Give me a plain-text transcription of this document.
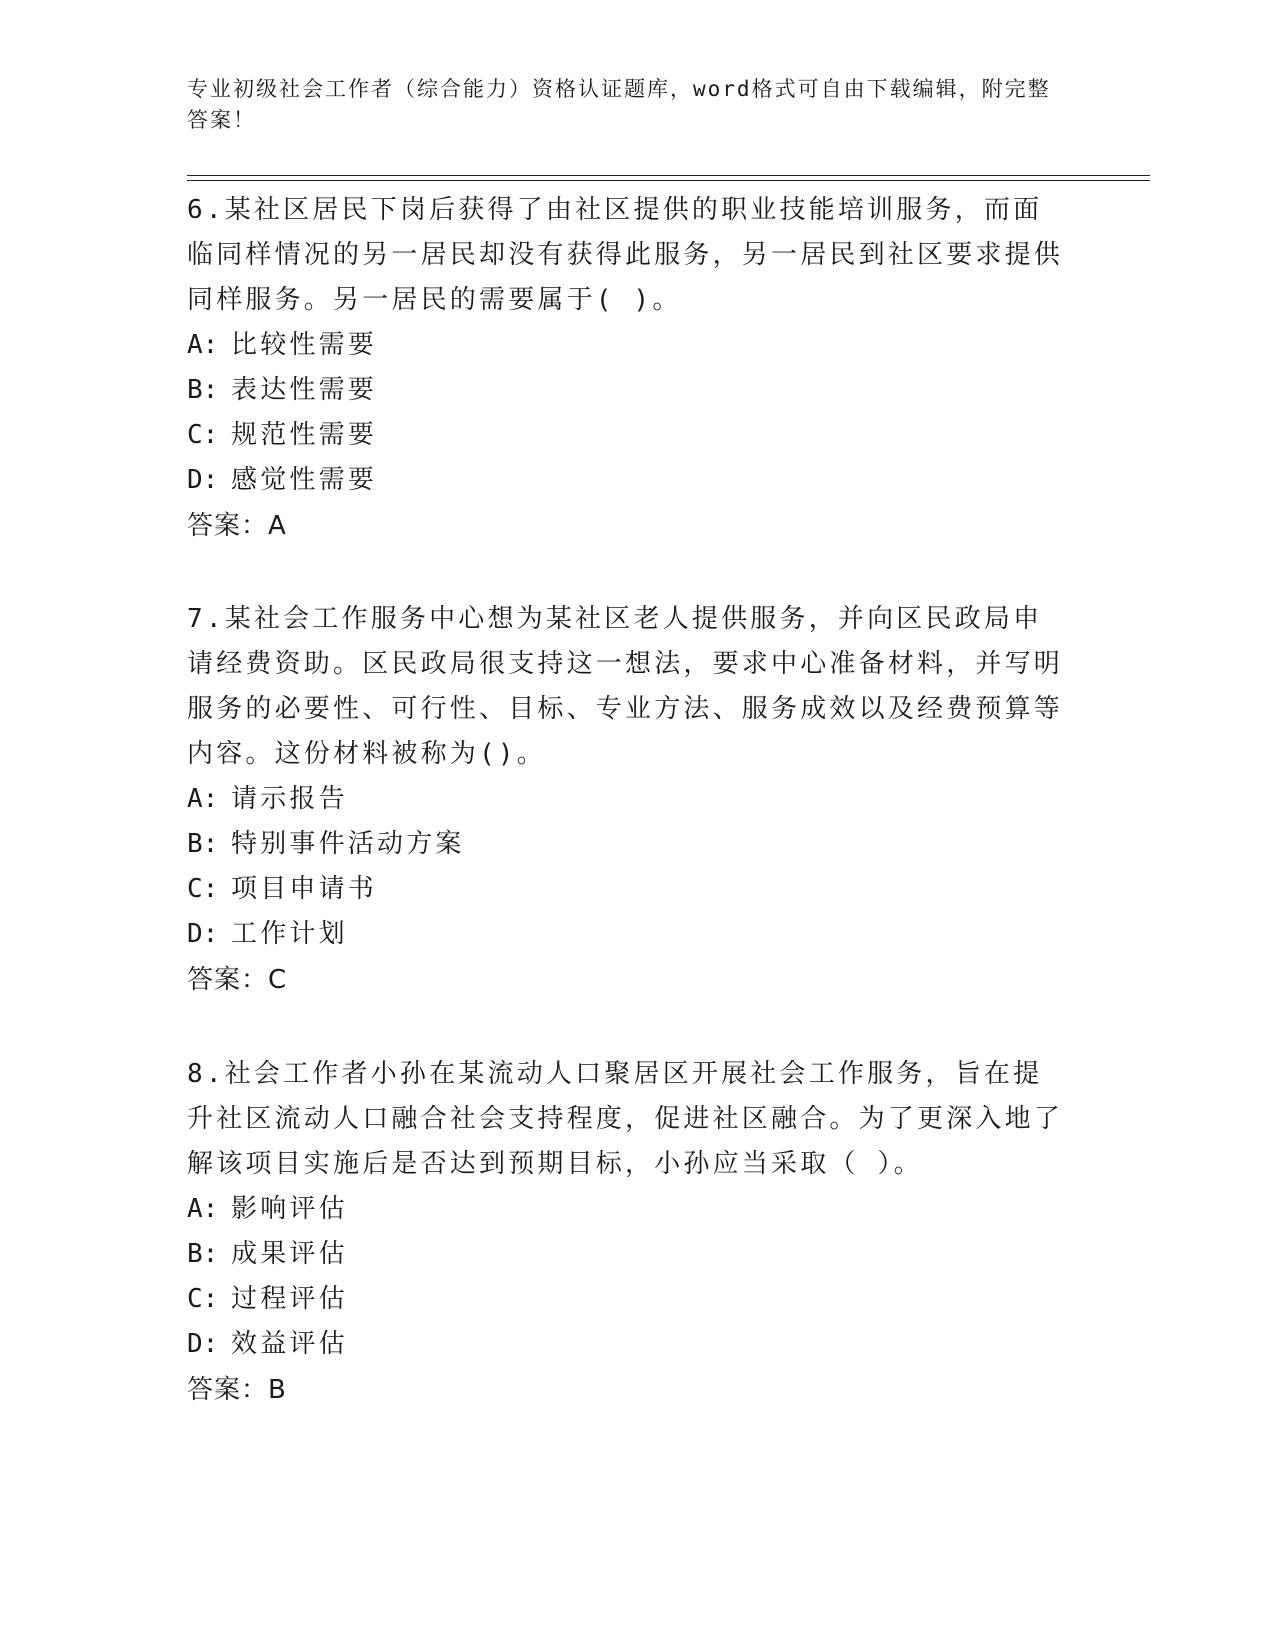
专业初级社会工作者（综合能力）资格认证题库，word格式可自由下载编辑，附完整答案！

6.某社区居民下岗后获得了由社区提供的职业技能培训服务，而面临同样情况的另一居民却没有获得此服务，另一居民到社区要求提供同样服务。另一居民的需要属于( )。

A: 比较性需要

B: 表达性需要

C: 规范性需要

D: 感觉性需要

答案：A

7.某社会工作服务中心想为某社区老人提供服务，并向区民政局申请经费资助。区民政局很支持这一想法，要求中心准备材料，并写明服务的必要性、可行性、目标、专业方法、服务成效以及经费预算等内容。这份材料被称为()。

A: 请示报告

B: 特别事件活动方案

C: 项目申请书

D: 工作计划

答案：C

8.社会工作者小孙在某流动人口聚居区开展社会工作服务，旨在提升社区流动人口融合社会支持程度，促进社区融合。为了更深入地了解该项目实施后是否达到预期目标，小孙应当采取（ ）。

A: 影响评估

B: 成果评估

C: 过程评估

D: 效益评估

答案：B
